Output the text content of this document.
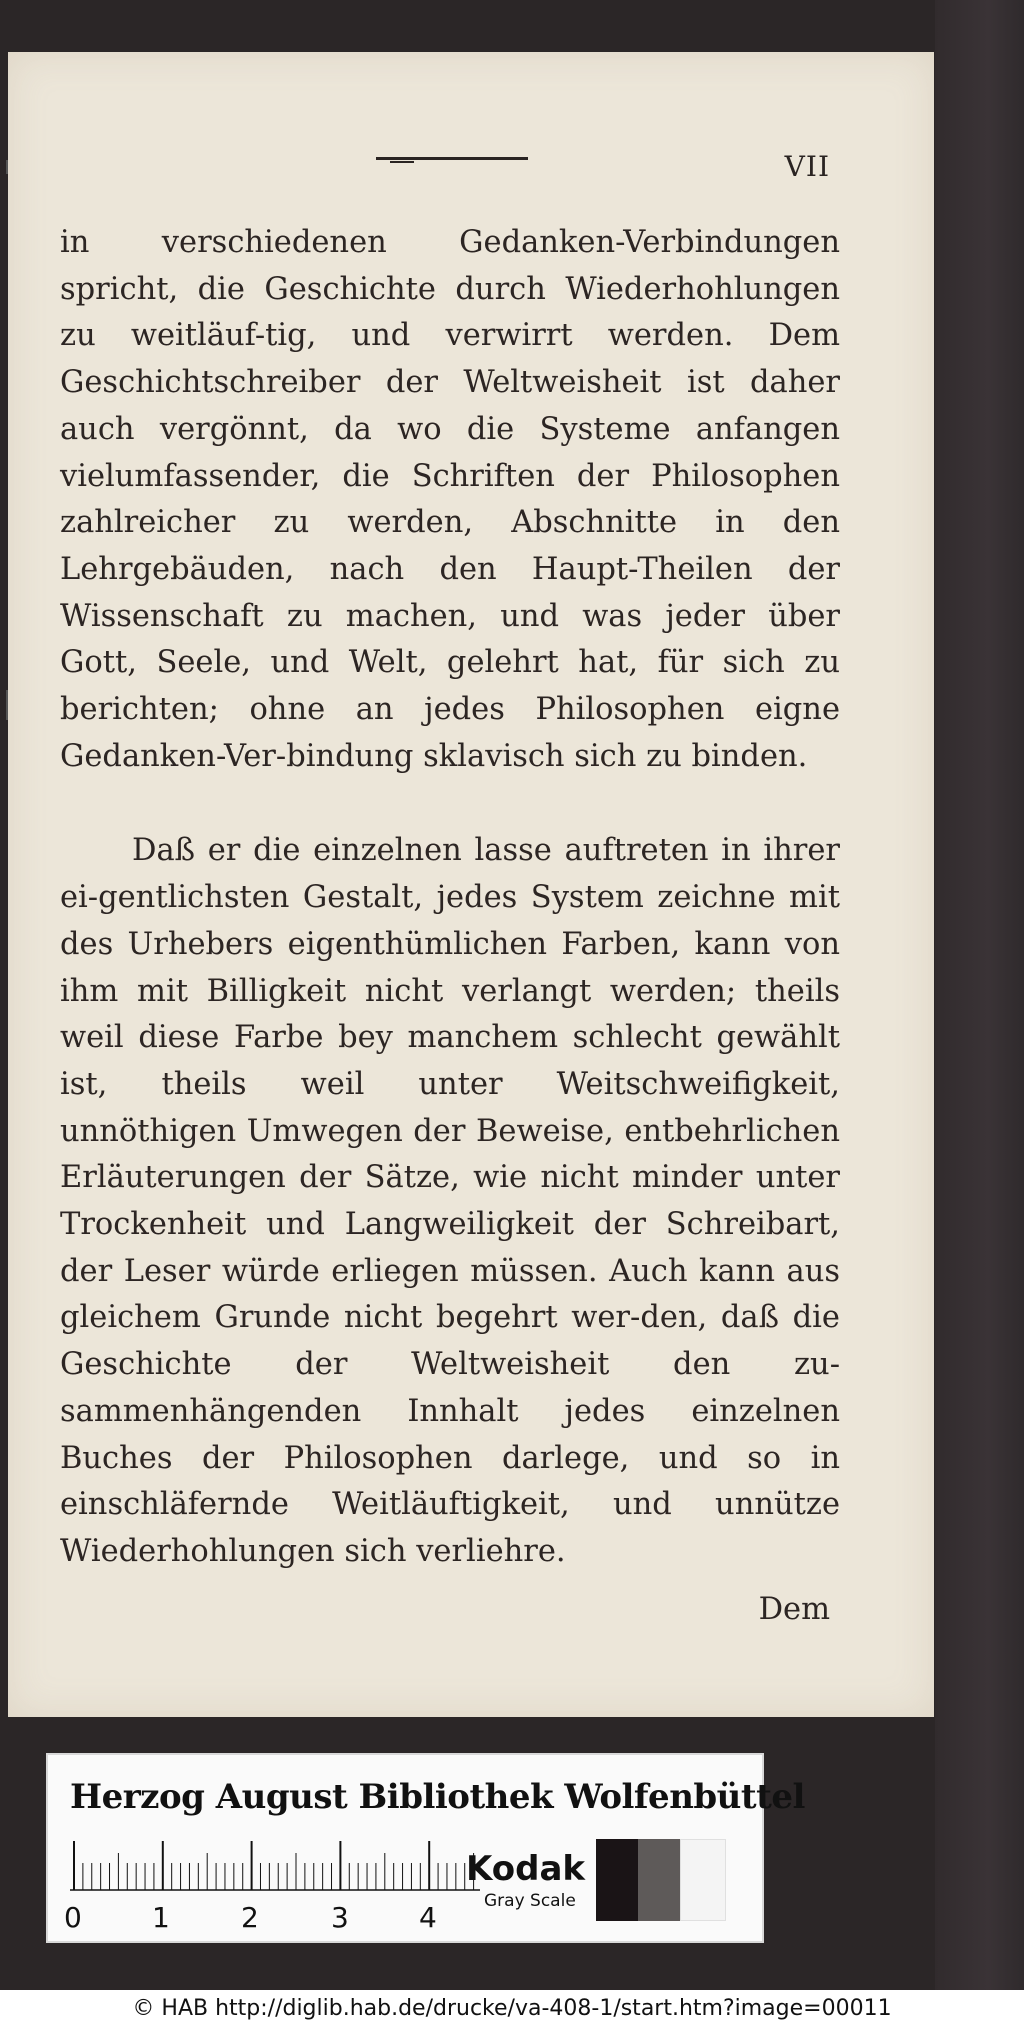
VII

in verschiedenen Gedanken-Verbindungen spricht, die Geschichte durch Wiederhohlungen zu weitläuf-tig, und verwirrt werden. Dem Geschichtschreiber der Weltweisheit ist daher auch vergönnt, da wo die Systeme anfangen vielumfassender, die Schriften der Philosophen zahlreicher zu werden, Abschnitte in den Lehrgebäuden, nach den Haupt-Theilen der Wissenschaft zu machen, und was jeder über Gott, Seele, und Welt, gelehrt hat, für sich zu berichten; ohne an jedes Philosophen eigne Gedanken-Ver-bindung sklavisch sich zu binden.

Daß er die einzelnen lasse auftreten in ihrer ei-gentlichsten Gestalt, jedes System zeichne mit des Urhebers eigenthümlichen Farben, kann von ihm mit Billigkeit nicht verlangt werden; theils weil diese Farbe bey manchem schlecht gewählt ist, theils weil unter Weitschweifigkeit, unnöthigen Umwegen der Beweise, entbehrlichen Erläuterungen der Sätze, wie nicht minder unter Trockenheit und Langweiligkeit der Schreibart, der Leser würde erliegen müssen. Auch kann aus gleichem Grunde nicht begehrt wer-den, daß die Geschichte der Weltweisheit den zu-sammenhängenden Innhalt jedes einzelnen Buches der Philosophen darlege, und so in einschläfernde Weitläuftigkeit, und unnütze Wiederhohlungen sich verliehre.

Dem
Herzog August Bibliothek Wolfenbüttel
0	1	2	3	4
Kodak
Gray Scale
© HAB http://diglib.hab.de/drucke/va-408-1/start.htm?image=00011
